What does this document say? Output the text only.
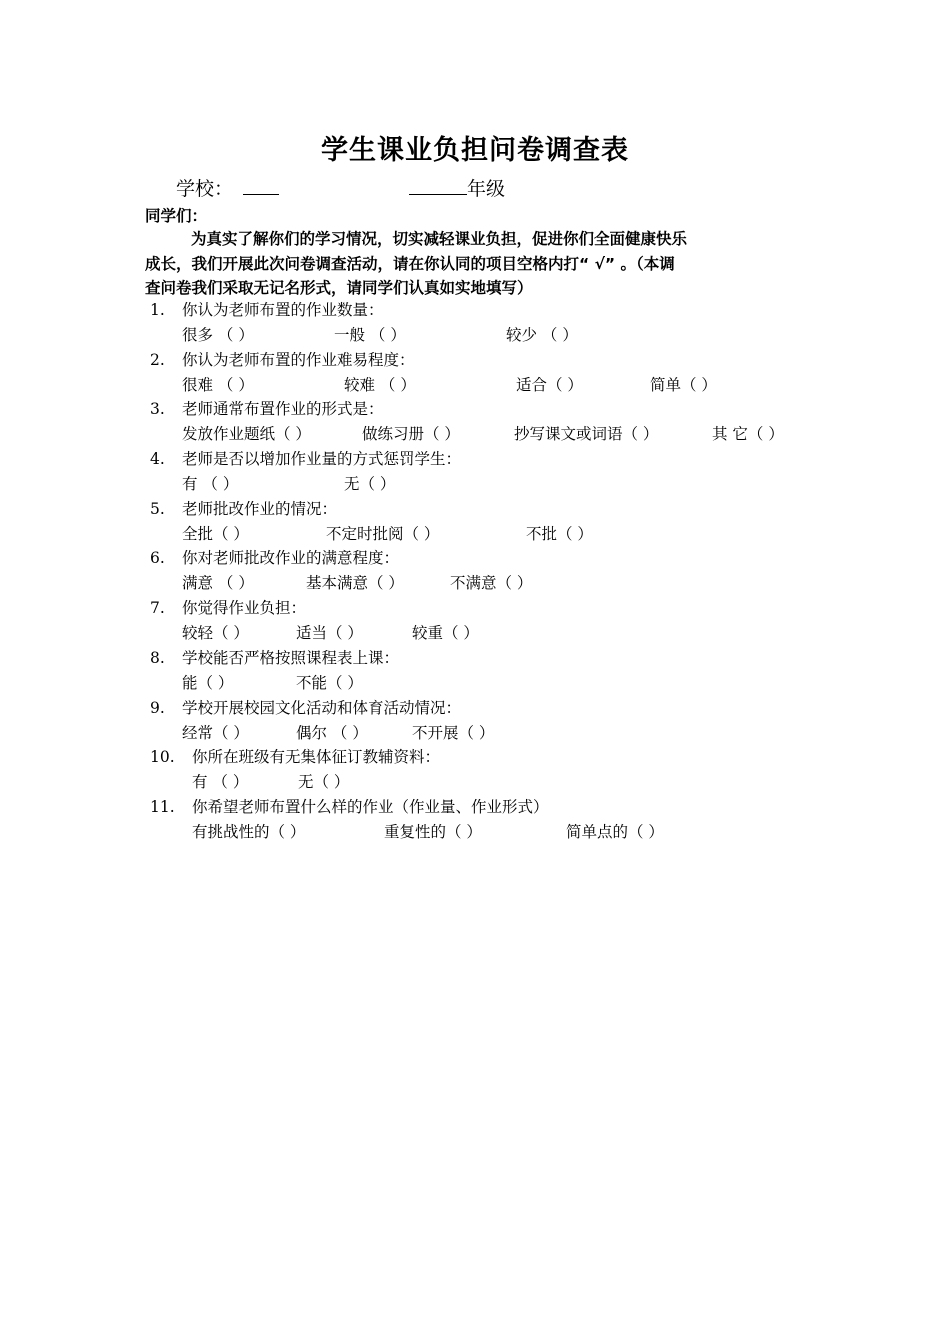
学生课业负担问卷调查表
学校：	年级
同学们：
为真实了解你们的学习情况，切实减轻课业负担，促进你们全面健康快乐
成长，我们开展此次问卷调查活动，请在你认同的项目空格内打“ √” 。（本调
查问卷我们采取无记名形式，请同学们认真如实地填写）
1. 你认为老师布置的作业数量：
很多 （ ）	一般 （ ）	较少 （ ）
2. 你认为老师布置的作业难易程度：
很难 （ ）	较难 （ ）	适合（ ）	简单（ ）
3. 老师通常布置作业的形式是：
发放作业题纸（ ）	做练习册（ ）	抄写课文或词语（ ）	其 它（ ）
4. 老师是否以增加作业量的方式惩罚学生：
有 （ ）	无（ ）
5. 老师批改作业的情况：
全批（ ）	不定时批阅（ ）	不批（ ）
6. 你对老师批改作业的满意程度：
满意 （ ）	基本满意（ ）	不满意（ ）
7. 你觉得作业负担：
较轻（ ）	适当（ ）	较重（ ）
8. 学校能否严格按照课程表上课：
能（ ）	不能（ ）
9. 学校开展校园文化活动和体育活动情况：
经常（ ）	偶尔 （ ）	不开展（ ）
10. 你所在班级有无集体征订教辅资料：
有 （ ）	无（ ）
11. 你希望老师布置什么样的作业（作业量、作业形式）
有挑战性的（ ）	重复性的（ ）	简单点的（ ）
